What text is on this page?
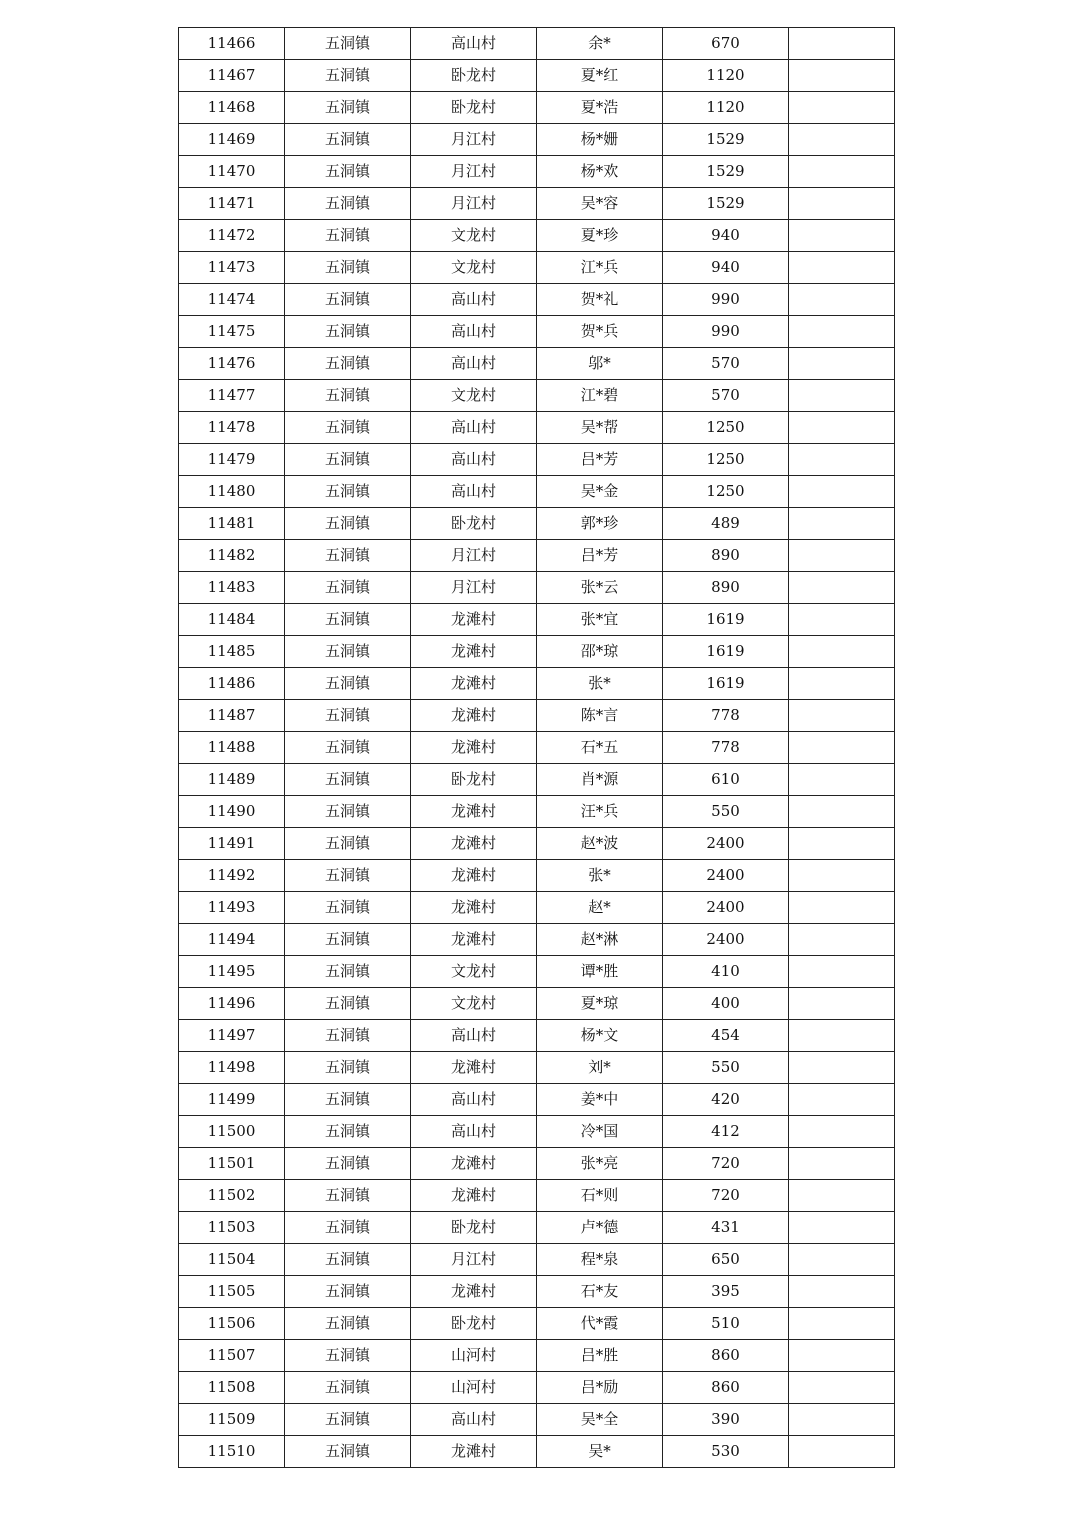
11466	五洞镇	高山村	余*	670	
11467	五洞镇	卧龙村	夏*红	1120	
11468	五洞镇	卧龙村	夏*浩	1120	
11469	五洞镇	月江村	杨*姗	1529	
11470	五洞镇	月江村	杨*欢	1529	
11471	五洞镇	月江村	吴*容	1529	
11472	五洞镇	文龙村	夏*珍	940	
11473	五洞镇	文龙村	江*兵	940	
11474	五洞镇	高山村	贺*礼	990	
11475	五洞镇	高山村	贺*兵	990	
11476	五洞镇	高山村	邬*	570	
11477	五洞镇	文龙村	江*碧	570	
11478	五洞镇	高山村	吴*帮	1250	
11479	五洞镇	高山村	吕*芳	1250	
11480	五洞镇	高山村	吴*金	1250	
11481	五洞镇	卧龙村	郭*珍	489	
11482	五洞镇	月江村	吕*芳	890	
11483	五洞镇	月江村	张*云	890	
11484	五洞镇	龙滩村	张*宜	1619	
11485	五洞镇	龙滩村	邵*琼	1619	
11486	五洞镇	龙滩村	张*	1619	
11487	五洞镇	龙滩村	陈*言	778	
11488	五洞镇	龙滩村	石*五	778	
11489	五洞镇	卧龙村	肖*源	610	
11490	五洞镇	龙滩村	汪*兵	550	
11491	五洞镇	龙滩村	赵*波	2400	
11492	五洞镇	龙滩村	张*	2400	
11493	五洞镇	龙滩村	赵*	2400	
11494	五洞镇	龙滩村	赵*淋	2400	
11495	五洞镇	文龙村	谭*胜	410	
11496	五洞镇	文龙村	夏*琼	400	
11497	五洞镇	高山村	杨*文	454	
11498	五洞镇	龙滩村	刘*	550	
11499	五洞镇	高山村	姜*中	420	
11500	五洞镇	高山村	冷*国	412	
11501	五洞镇	龙滩村	张*亮	720	
11502	五洞镇	龙滩村	石*则	720	
11503	五洞镇	卧龙村	卢*德	431	
11504	五洞镇	月江村	程*泉	650	
11505	五洞镇	龙滩村	石*友	395	
11506	五洞镇	卧龙村	代*霞	510	
11507	五洞镇	山河村	吕*胜	860	
11508	五洞镇	山河村	吕*励	860	
11509	五洞镇	高山村	吴*全	390	
11510	五洞镇	龙滩村	吴*	530	
